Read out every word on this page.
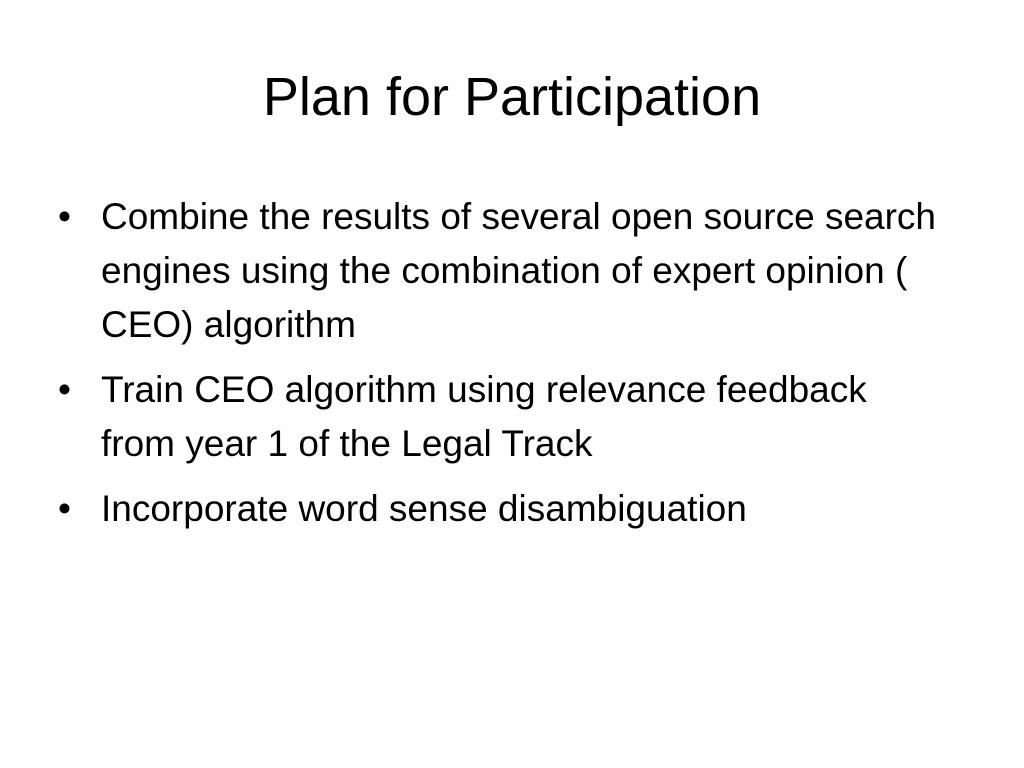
Plan for Participation
• Combine the results of several open source search engines using the combination of expert opinion ( CEO) algorithm
• Train CEO algorithm using relevance feedback from year 1 of the Legal Track
• Incorporate word sense disambiguation
